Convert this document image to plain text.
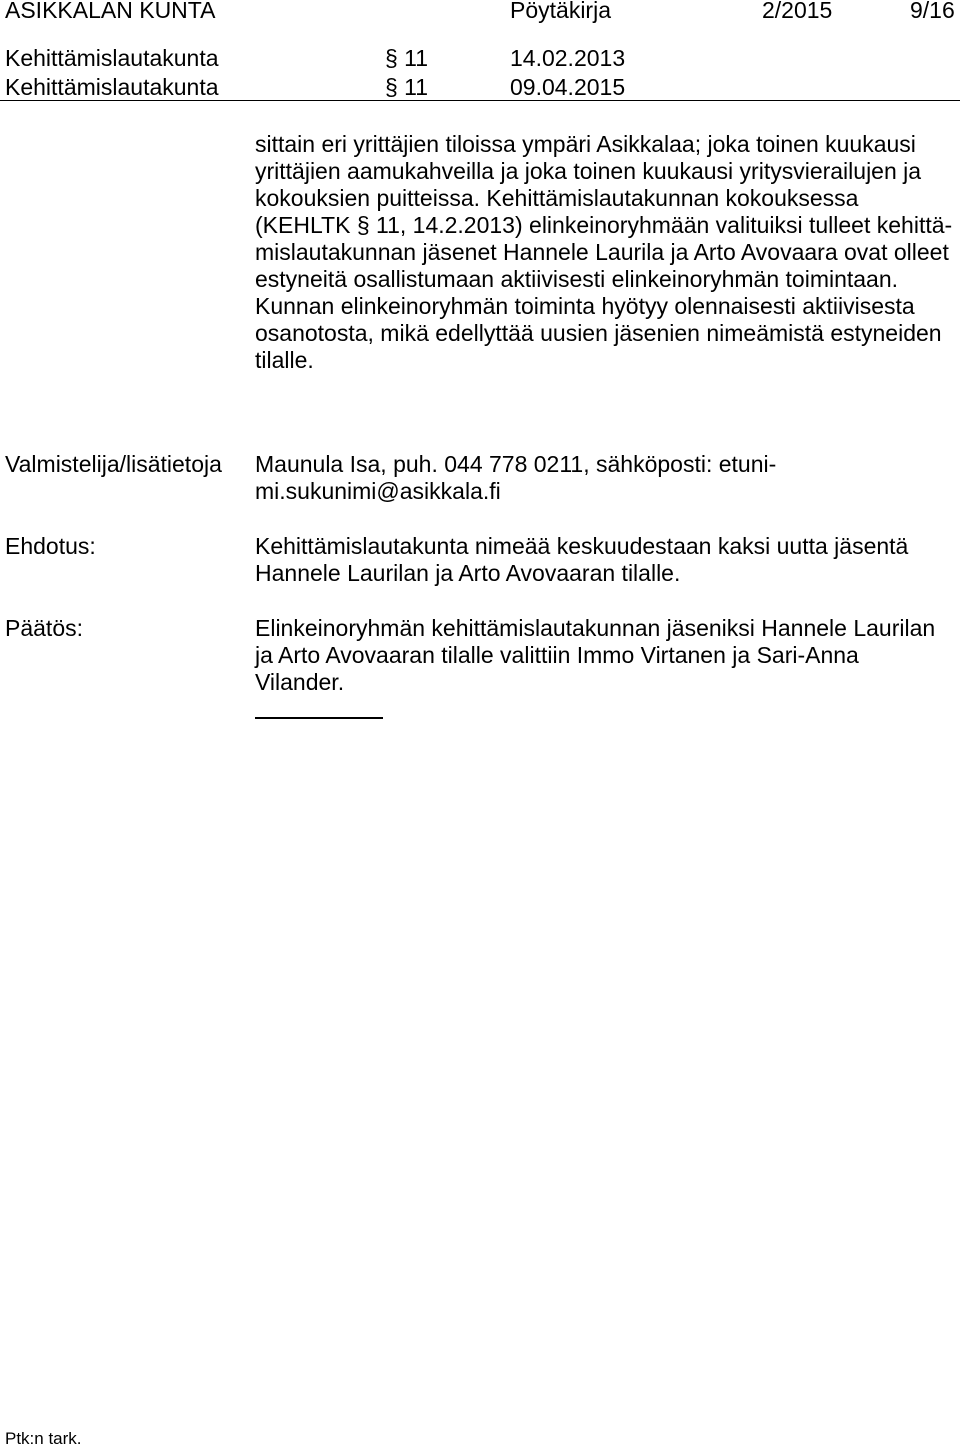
ASIKKALAN KUNTA	Pöytäkirja	2/2015	9/16
Kehittämislautakunta	§ 11	14.02.2013
Kehittämislautakunta	§ 11	09.04.2015
sittain eri yrittäjien tiloissa ympäri Asikkalaa; joka toinen kuukausi
yrittäjien aamukahveilla ja joka toinen kuukausi yritysvierailujen ja
kokouksien puitteissa. Kehittämislautakunnan kokouksessa
(KEHLTK § 11, 14.2.2013) elinkeinoryhmään valituiksi tulleet kehittä-
mislautakunnan jäsenet Hannele Laurila ja Arto Avovaara ovat olleet
estyneitä osallistumaan aktiivisesti elinkeinoryhmän toimintaan.
Kunnan elinkeinoryhmän toiminta hyötyy olennaisesti aktiivisesta
osanotosta, mikä edellyttää uusien jäsenien nimeämistä estyneiden
tilalle.
Valmistelija/lisätietoja Maunula Isa, puh. 044 778 0211, sähköposti: etuni-
mi.sukunimi@asikkala.fi
Ehdotus:	Kehittämislautakunta nimeää keskuudestaan kaksi uutta jäsentä
Hannele Laurilan ja Arto Avovaaran tilalle.
Päätös:	Elinkeinoryhmän kehittämislautakunnan jäseniksi Hannele Laurilan
ja Arto Avovaaran tilalle valittiin Immo Virtanen ja Sari-Anna
Vilander.
Ptk:n tark.
